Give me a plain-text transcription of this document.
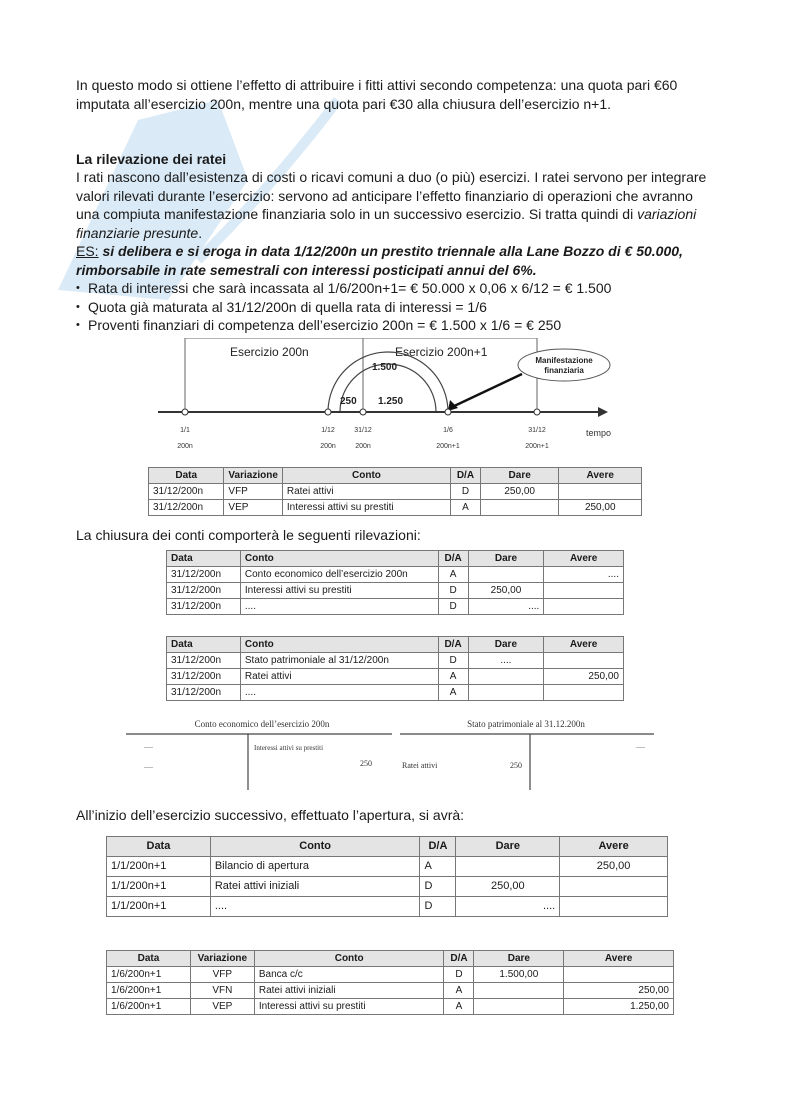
In questo modo si ottiene l’effetto di attribuire i fitti attivi secondo competenza: una quota pari €60 imputata all’esercizio 200n, mentre una quota pari €30 alla chiusura dell’esercizio n+1.

La rilevazione dei ratei

I rati nascono dall’esistenza di costi o ricavi comuni a duo (o più) esercizi. I ratei servono per integrare valori rilevati durante l’esercizio: servono ad anticipare l’effetto finanziario di operazioni che avranno una compiuta manifestazione finanziaria solo in un successivo esercizio. Si tratta quindi di variazioni finanziarie presunte.

ES: si delibera e si eroga in data 1/12/200n un prestito triennale alla Lane Bozzo di € 50.000, rimborsabile in rate semestrali con interessi posticipati annui del 6%.

• Rata di interessi che sarà incassata al 1/6/200n+1= € 50.000 x 0,06 x 6/12 = € 1.500
• Quota già maturata al 31/12/200n di quella rata di interessi = 1/6
• Proventi finanziari di competenza dell’esercizio 200n = € 1.500 x 1/6 = € 250
Esercizio 200n	Esercizio 200n+1
1.500
250 1.250
Manifestazione
finanziaria
1/1
200n
1/12
200n
31/12
200n
1/6
200n+1
31/12
200n+1
tempo
Data	Variazione	Conto	D/A	Dare	Avere
31/12/200n	VFP	Ratei attivi	D	250,00	
31/12/200n	VEP	Interessi attivi su prestiti	A		250,00

La chiusura dei conti comporterà le seguenti rilevazioni:

Data	Conto	D/A	Dare	Avere
31/12/200n	Conto economico dell’esercizio 200n	A		....
31/12/200n	Interessi attivi su prestiti	D	250,00	
31/12/200n	....	D	....	
Data	Conto	D/A	Dare	Avere
31/12/200n	Stato patrimoniale al 31/12/200n	D	....	
31/12/200n	Ratei attivi	A		250,00
31/12/200n	....	A		
Conto economico dell’esercizio 200n
—
—
Interessi attivi su prestiti
250
Stato patrimoniale al 31.12.200n
Ratei attivi	250
—

All’inizio dell’esercizio successivo, effettuato l’apertura, si avrà:

Data	Conto	D/A	Dare	Avere
1/1/200n+1	Bilancio di apertura	A		250,00
1/1/200n+1	Ratei attivi iniziali	D	250,00	
1/1/200n+1	....	D	....	
Data	Variazione	Conto	D/A	Dare	Avere
1/6/200n+1	VFP	Banca c/c	D	1.500,00	
1/6/200n+1	VFN	Ratei attivi iniziali	A		250,00
1/6/200n+1	VEP	Interessi attivi su prestiti	A		1.250,00
